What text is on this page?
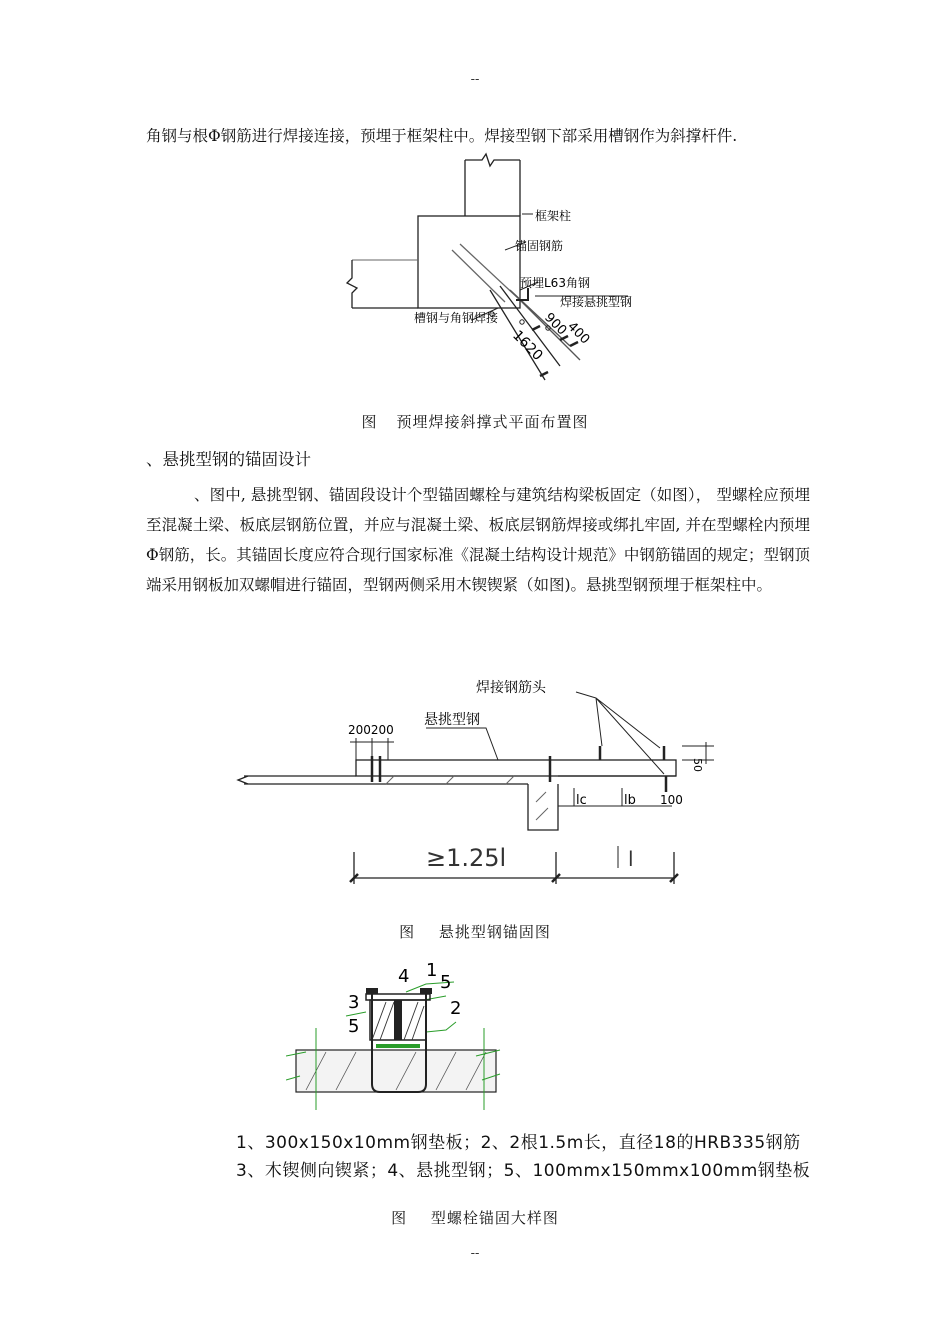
--
角钢与根Φ钢筋进行焊接连接，预埋于框架柱中。焊接型钢下部采用槽钢作为斜撑杆件.
框架柱
锚固钢筋
预埋L63角钢
焊接悬挑型钢
槽钢与角钢焊接	900
400
1620
图 预埋焊接斜撑式平面布置图
、悬挑型钢的锚固设计
、图中, 悬挑型钢、锚固段设计个型锚固螺栓与建筑结构梁板固定（如图）， 型螺栓应预埋至混凝土梁、板底层钢筋位置，并应与混凝土梁、板底层钢筋焊接或绑扎牢固, 并在型螺栓内预埋Φ钢筋，长。其锚固长度应符合现行国家标准《混凝土结构设计规范》中钢筋锚固的规定；型钢顶端采用钢板加双螺帽进行锚固，型钢两侧采用木锲锲紧（如图)。悬挑型钢预埋于框架柱中。
焊接钢筋头
悬挑型钢
200200
lc	lb 100
50
≥1.25l	l
图 悬挑型钢锚固图
4 1
5
3	2
5
1、300x150x10mm钢垫板；2、2根1.5m长，直径18的HRB335钢筋
3、木锲侧向锲紧；4、悬挑型钢；5、100mmx150mmx100mm钢垫板
图 型螺栓锚固大样图
--
